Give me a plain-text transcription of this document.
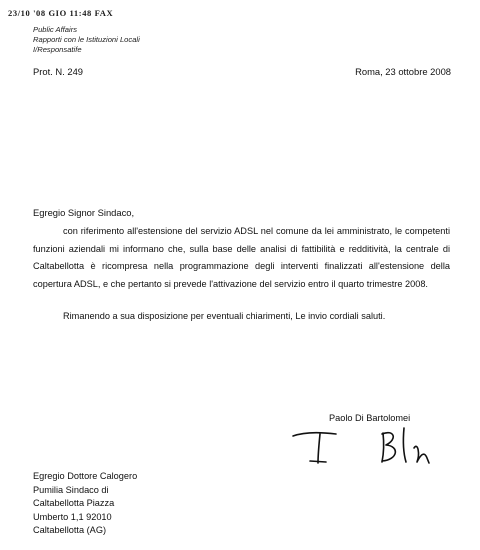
23/10 '08 GIO 11:48 FAX
Public Affairs
Rapporti con le Istituzioni Locali
I/Responsatife
Prot. N. 249	Roma, 23 ottobre 2008
Egregio Signor Sindaco,

con riferimento all'estensione del servizio ADSL nel comune da lei amministrato, le competenti funzioni aziendali mi informano che, sulla base delle analisi di fattibilità e redditività, la centrale di Caltabellotta è ricompresa nella programmazione degli interventi finalizzati all'estensione della copertura ADSL, e che pertanto si prevede l'attivazione del servizio entro il quarto trimestre 2008.

Rimanendo a sua disposizione per eventuali chiarimenti, Le invio cordiali saluti.

Paolo Di Bartolomei
Egregio Dottore Calogero
Pumilia Sindaco di
Caltabellotta Piazza
Umberto 1,1 92010
Caltabellotta (AG)
